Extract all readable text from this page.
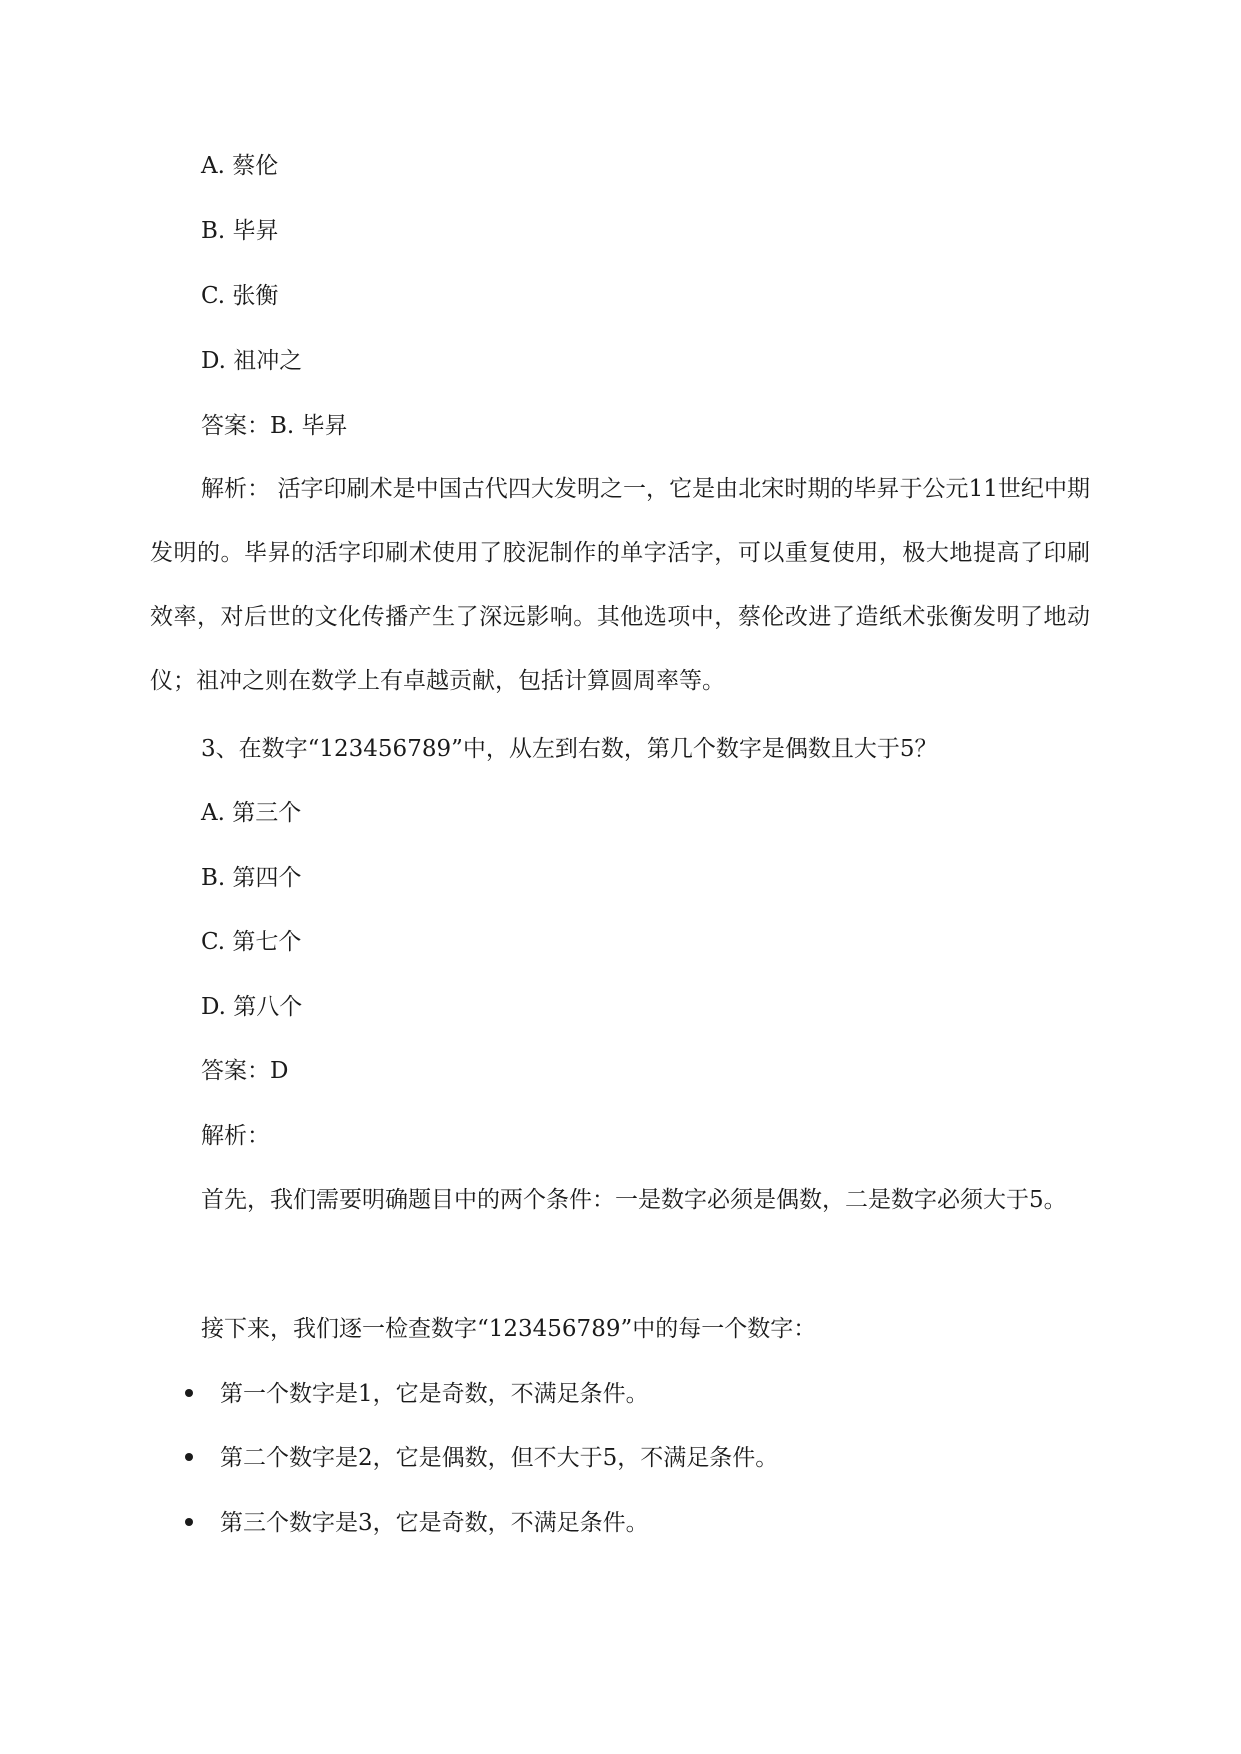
A. 蔡伦
B. 毕昇
C. 张衡
D. 祖冲之
答案：B. 毕昇
解析： 活字印刷术是中国古代四大发明之一，它是由北宋时期的毕昇于公元11世纪中期发明的。毕昇的活字印刷术使用了胶泥制作的单字活字，可以重复使用，极大地提高了印刷效率，对后世的文化传播产生了深远影响。其他选项中，蔡伦改进了造纸术张衡发明了地动仪；祖冲之则在数学上有卓越贡献，包括计算圆周率等。
3、在数字“123456789”中，从左到右数，第几个数字是偶数且大于5？
A. 第三个
B. 第四个
C. 第七个
D. 第八个
答案：D
解析：
首先，我们需要明确题目中的两个条件：一是数字必须是偶数，二是数字必须大于5。
接下来，我们逐一检查数字“123456789”中的每一个数字：
第一个数字是1，它是奇数，不满足条件。
第二个数字是2，它是偶数，但不大于5，不满足条件。
第三个数字是3，它是奇数，不满足条件。
